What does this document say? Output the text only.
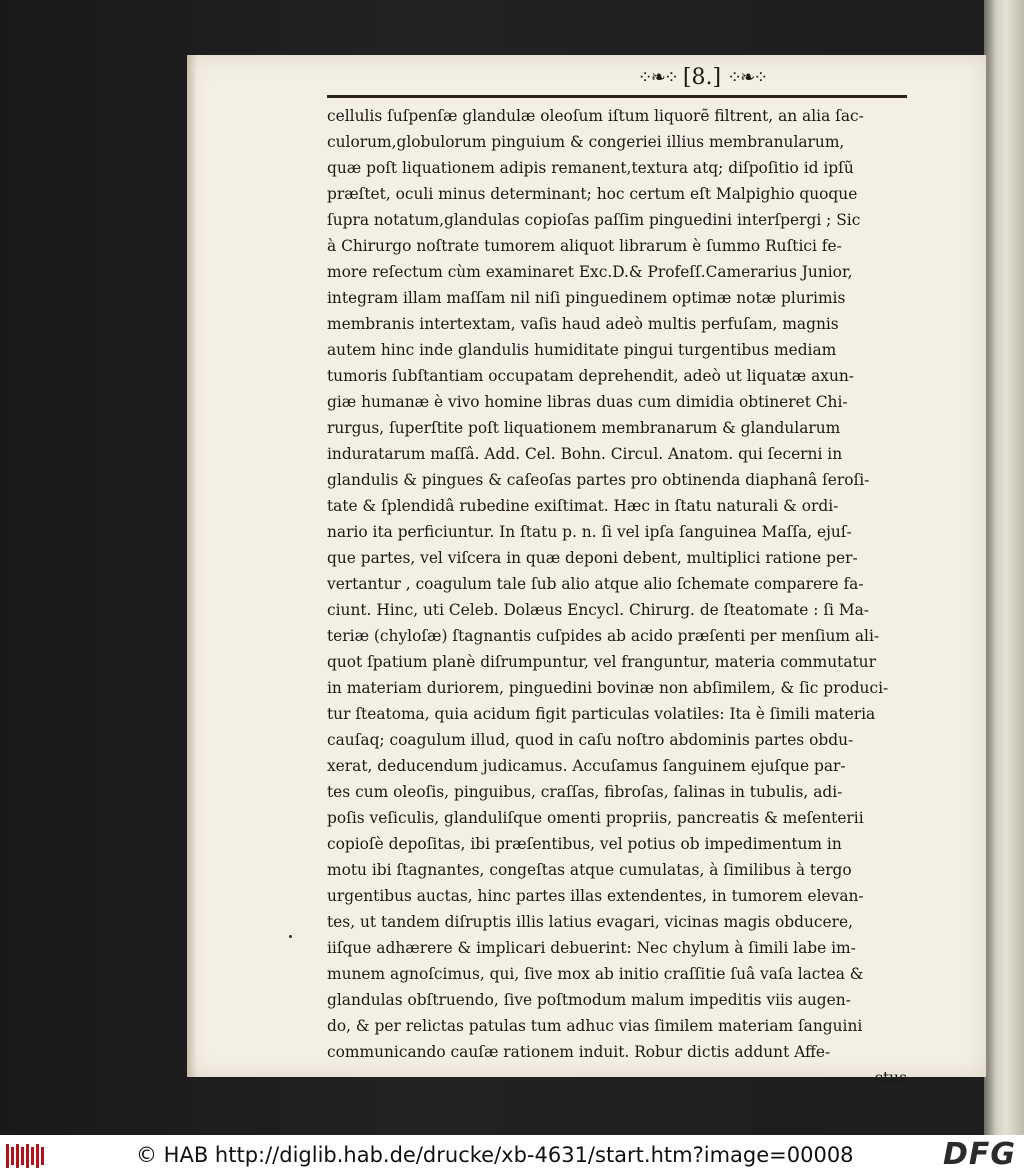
⁘❧⁘ [8.] ⁘❧⁘
cellulis ſuſpenſæ glandulæ oleoſum iſtum liquorẽ filtrent, an alia ſac-
culorum,globulorum pinguium & congeriei illius membranularum,
quæ poſt liquationem adipis remanent,textura atq; diſpoſitio id ipſũ
præſtet, oculi minus determinant; hoc certum eſt Malpighio quoque
ſupra notatum,glandulas copioſas paſſim pinguedini interſpergi ; Sic
à Chirurgo noſtrate tumorem aliquot librarum è ſummo Ruſtici fe-
more reſectum cùm examinaret Exc.D.& Profeſſ.Camerarius Junior,
integram illam maſſam nil niſi pinguedinem optimæ notæ plurimis
membranis intertextam, vaſis haud adeò multis perfuſam, magnis
autem hinc inde glandulis humiditate pingui turgentibus mediam
tumoris ſubſtantiam occupatam deprehendit, adeò ut liquatæ axun-
giæ humanæ è vivo homine libras duas cum dimidia obtineret Chi-
rurgus, ſuperſtite poſt liquationem membranarum & glandularum
induratarum maſſâ. Add. Cel. Bohn. Circul. Anatom. qui ſecerni in
glandulis & pingues & caſeoſas partes pro obtinenda diaphanâ ſeroſi-
tate & ſplendidâ rubedine exiſtimat. Hæc in ſtatu naturali & ordi-
nario ita perficiuntur. In ſtatu p. n. ſi vel ipſa ſanguinea Maſſa, ejuſ-
que partes, vel viſcera in quæ deponi debent, multiplici ratione per-
vertantur , coagulum tale ſub alio atque alio ſchemate comparere fa-
ciunt. Hinc, uti Celeb. Dolæus Encycl. Chirurg. de ſteatomate : ſi Ma-
teriæ (chyloſæ) ſtagnantis cuſpides ab acido præſenti per menſium ali-
quot ſpatium planè diſrumpuntur, vel franguntur, materia commutatur
in materiam duriorem, pinguedini bovinæ non abſimilem, & ſic produci-
tur ſteatoma, quia acidum figit particulas volatiles: Ita è ſimili materia
cauſaq; coagulum illud, quod in caſu noſtro abdominis partes obdu-
xerat, deducendum judicamus. Accuſamus ſanguinem ejuſque par-
tes cum oleoſis, pinguibus, craſſas, fibroſas, ſalinas in tubulis, adi-
poſis veſiculis, glanduliſque omenti propriis, pancreatis & meſenterii
copioſè depoſitas, ibi præſentibus, vel potius ob impedimentum in
motu ibi ſtagnantes, congeſtas atque cumulatas, à ſimilibus à tergo
urgentibus auctas, hinc partes illas extendentes, in tumorem elevan-
tes, ut tandem diſruptis illis latius evagari, vicinas magis obducere,
iiſque adhærere & implicari debuerint: Nec chylum à ſimili labe im-
munem agnoſcimus, qui, ſive mox ab initio craſſitie ſuâ vaſa lactea &
glandulas obſtruendo, ſive poſtmodum malum impeditis viis augen-
do, & per relictas patulas tum adhuc vias ſimilem materiam ſanguini
communicando cauſæ rationem induit. Robur dictis addunt Affe-
ctus
© HAB http://diglib.hab.de/drucke/xb-4631/start.htm?image=00008	DFG
